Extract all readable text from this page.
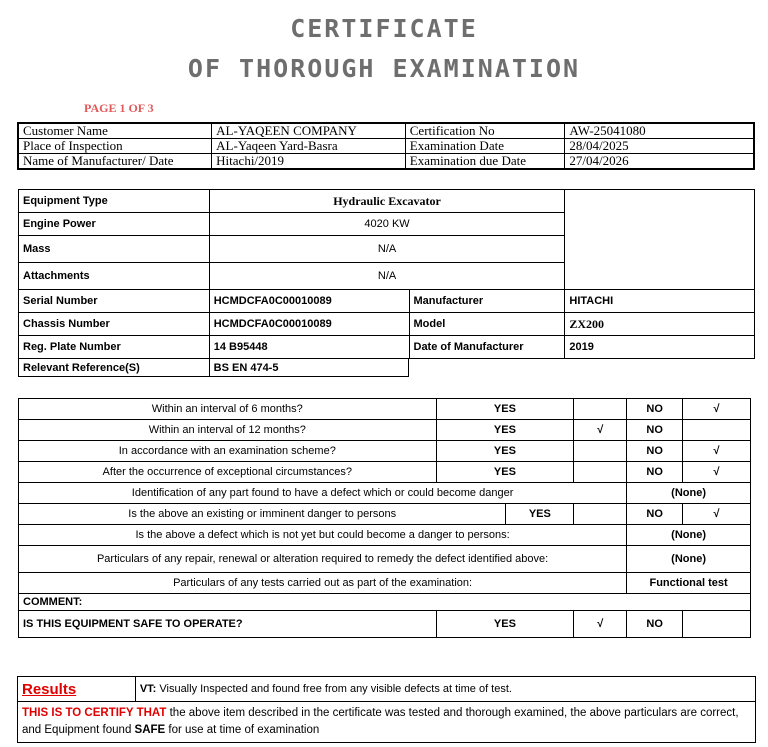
CERTIFICATE
OF THOROUGH EXAMINATION
PAGE 1 OF 3
Customer Name	AL-YAQEEN COMPANY	Certification No	AW-25041080
Place of Inspection	AL-Yaqeen Yard-Basra	Examination Date	28/04/2025
Name of Manufacturer/ Date	Hitachi/2019	Examination due Date	27/04/2026
Equipment Type	Hydraulic Excavator		
Engine Power	4020 KW		
Mass	N/A		
Attachments	N/A		
Serial Number	HCMDCFA0C00010089	Manufacturer	HITACHI
Chassis Number	HCMDCFA0C00010089	Model	ZX200
Reg. Plate Number	14 B95448	Date of Manufacturer	2019
Relevant Reference(S)	BS EN 474-5
Within an interval of 6 months?	YES			NO	√
Within an interval of 12 months?	YES		√	NO	
In accordance with an examination scheme?	YES			NO	√
After the occurrence of exceptional circumstances?	YES			NO	√
Identification of any part found to have a defect which or could become danger				(None)	
Is the above an existing or imminent danger to persons		YES		NO	√
Is the above a defect which is not yet but could become a danger to persons:				(None)	
Particulars of any repair, renewal or alteration required to remedy the defect identified above:				(None)	
Particulars of any tests carried out as part of the examination:				Functional test	
COMMENT:					
IS THIS EQUIPMENT SAFE TO OPERATE?	YES		√	NO	
Results	VT: Visually Inspected and found free from any visible defects at time of test.
THIS IS TO CERTIFY THAT the above item described in the certificate was tested and thorough examined, the above particulars are correct, and Equipment found SAFE for use at time of examination
